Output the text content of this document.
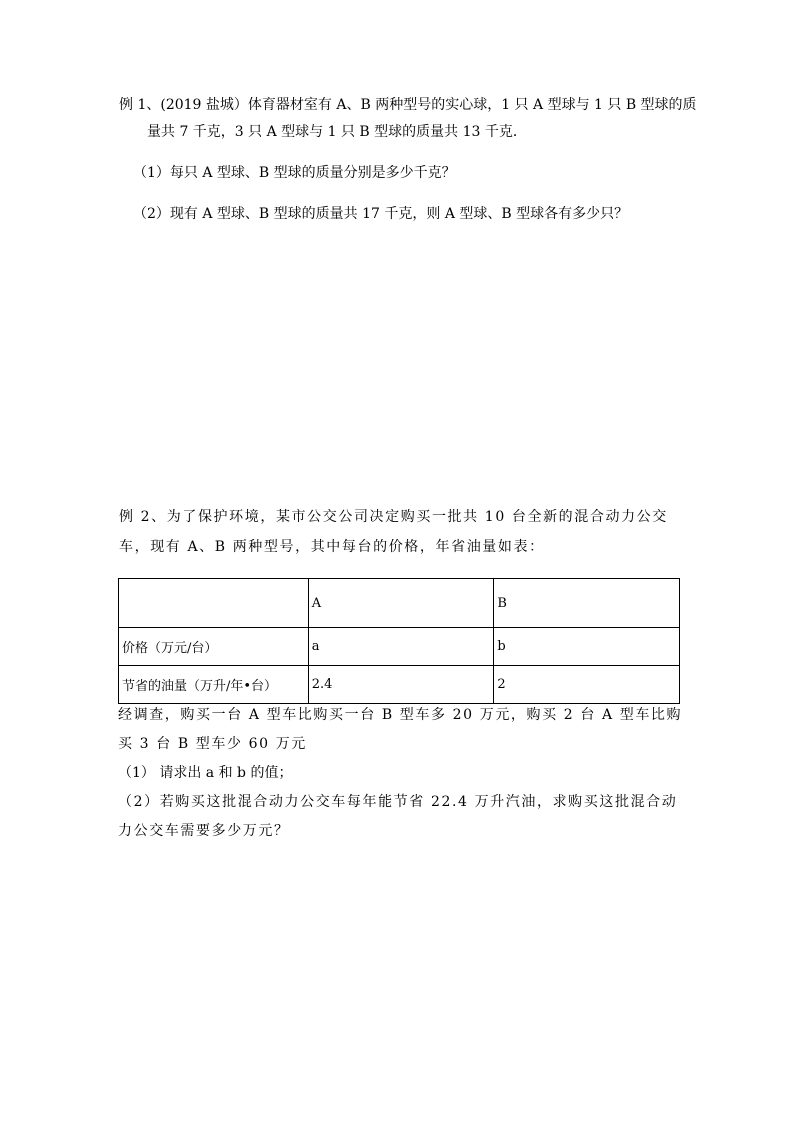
例 1、(2019 盐城）体育器材室有 A、B 两种型号的实心球，1 只 A 型球与 1 只 B 型球的质
量共 7 千克，3 只 A 型球与 1 只 B 型球的质量共 13 千克．
（1）每只 A 型球、B 型球的质量分别是多少千克？
（2）现有 A 型球、B 型球的质量共 17 千克，则 A 型球、B 型球各有多少只？
例 2、为了保护环境，某市公交公司决定购买一批共 10 台全新的混合动力公交
车，现有 A、B 两种型号，其中每台的价格，年省油量如表：
	A	B
价格（万元/台）	a	b
节省的油量（万升/年•台）	2.4	2
经调查，购买一台 A 型车比购买一台 B 型车多 20 万元，购买 2 台 A 型车比购
买 3 台 B 型车少 60 万元
（1） 请求出 a 和 b 的值；
（2）若购买这批混合动力公交车每年能节省 22.4 万升汽油，求购买这批混合动
力公交车需要多少万元？
